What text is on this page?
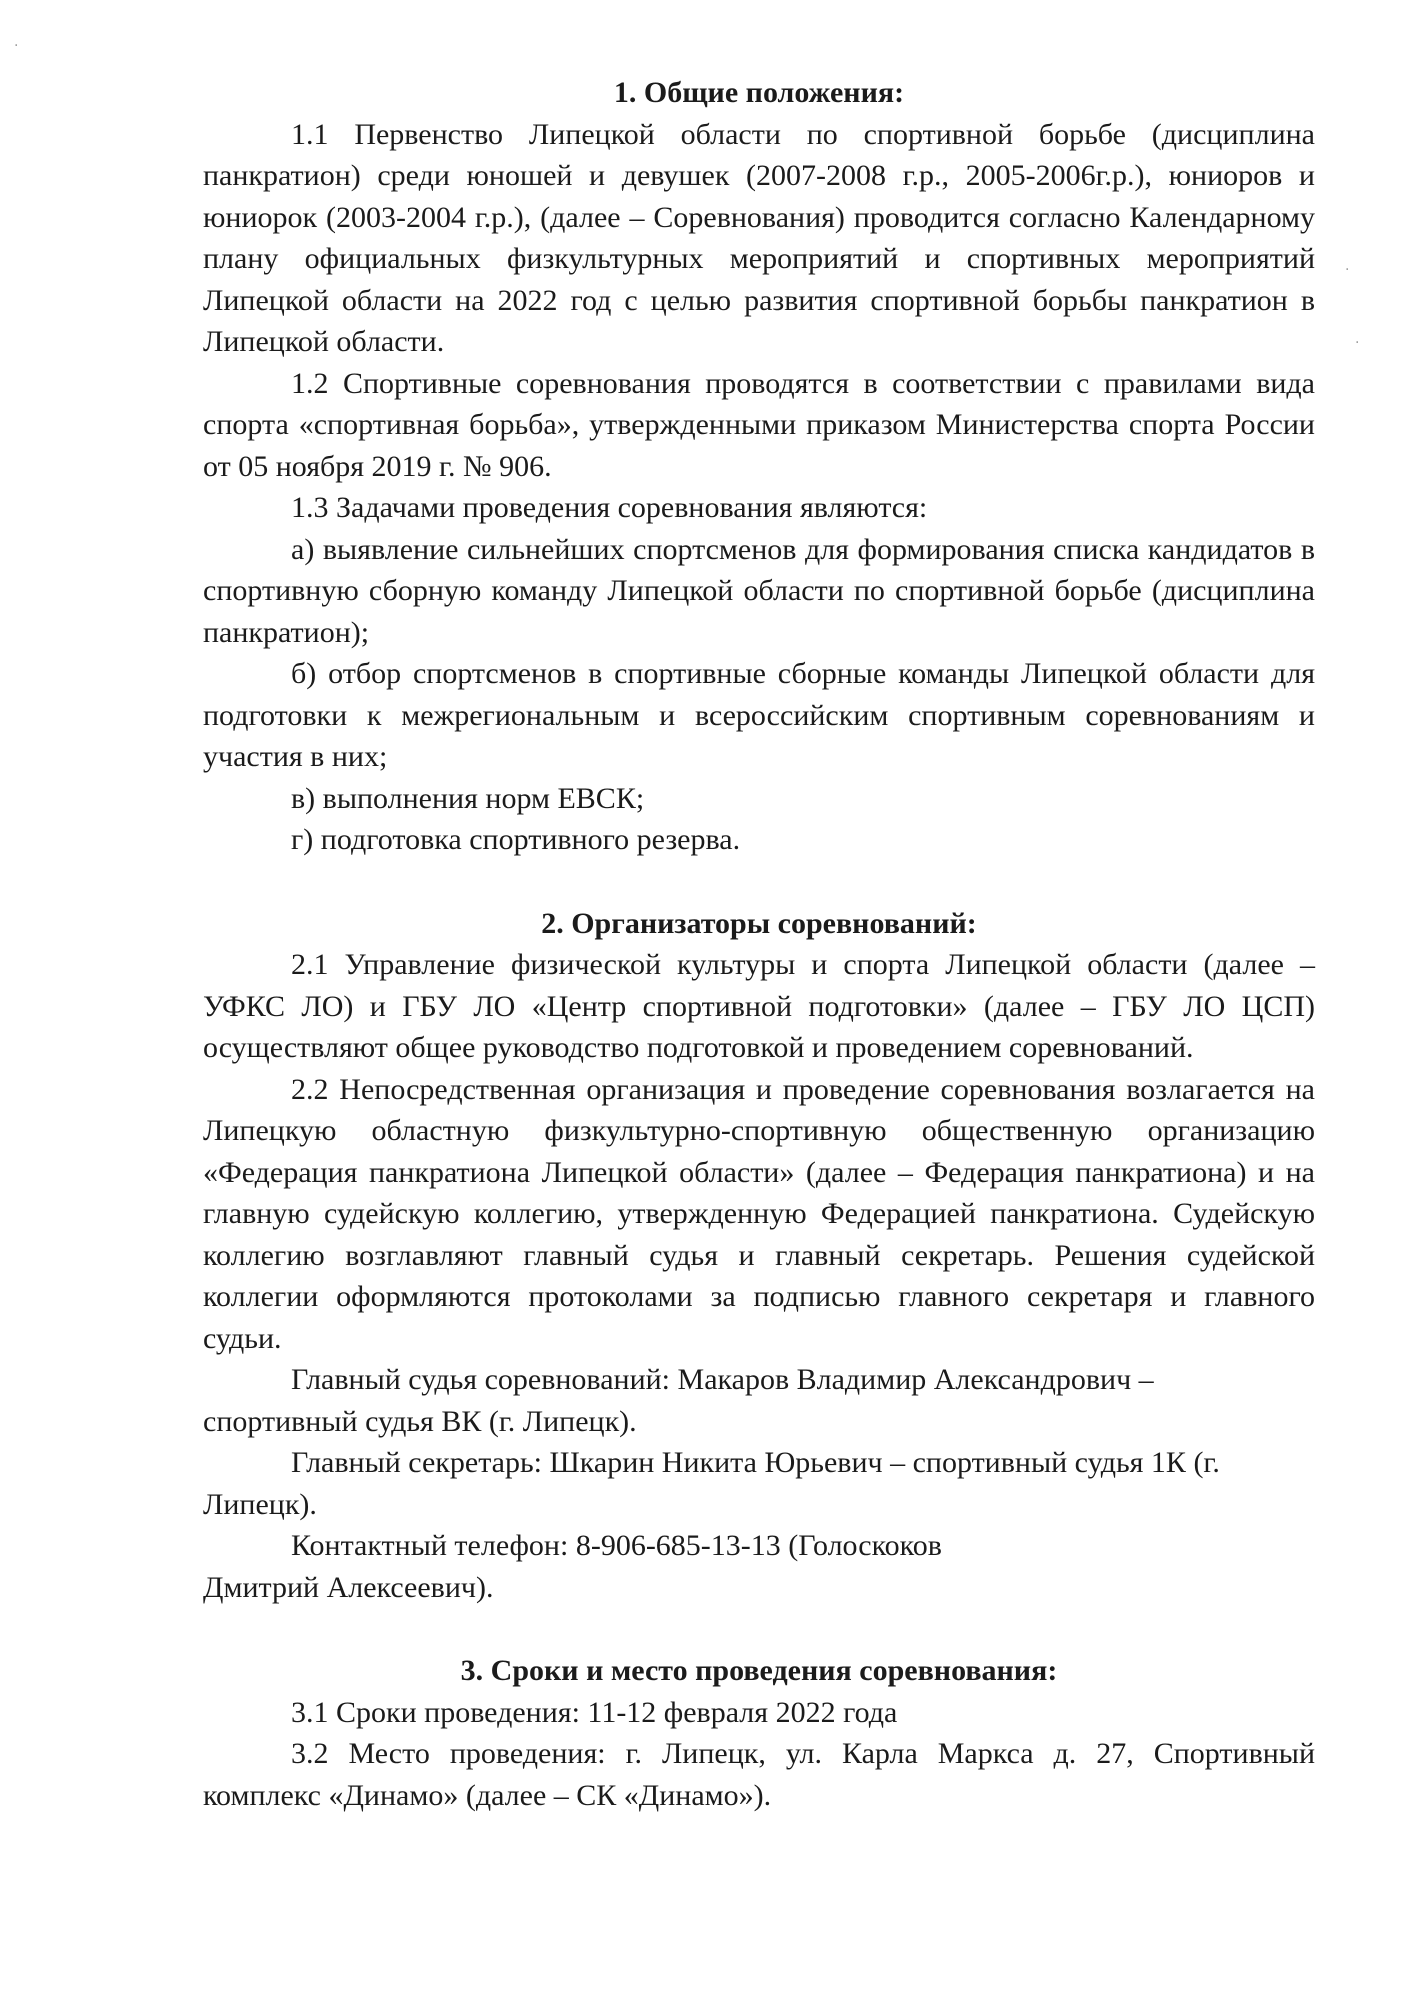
·
·
·
1. Общие положения:

1.1 Первенство Липецкой области по спортивной борьбе (дисциплина панкратион) среди юношей и девушек (2007-2008 г.р., 2005-2006г.р.), юниоров и юниорок (2003-2004 г.р.), (далее – Соревнования) проводится согласно Календарному плану официальных физкультурных мероприятий и спортивных мероприятий Липецкой области на 2022 год с целью развития спортивной борьбы панкратион в Липецкой области.

1.2 Спортивные соревнования проводятся в соответствии с правилами вида спорта «спортивная борьба», утвержденными приказом Министерства спорта России от 05 ноября 2019 г. № 906.

1.3 Задачами проведения соревнования являются:

а) выявление сильнейших спортсменов для формирования списка кандидатов в спортивную сборную команду Липецкой области по спортивной борьбе (дисциплина панкратион);

б) отбор спортсменов в спортивные сборные команды Липецкой области для подготовки к межрегиональным и всероссийским спортивным соревнованиям и участия в них;

в) выполнения норм ЕВСК;

г) подготовка спортивного резерва.

2. Организаторы соревнований:

2.1 Управление физической культуры и спорта Липецкой области (далее – УФКС ЛО) и ГБУ ЛО «Центр спортивной подготовки» (далее – ГБУ ЛО ЦСП) осуществляют общее руководство подготовкой и проведением соревнований.

2.2 Непосредственная организация и проведение соревнования возлагается на Липецкую областную физкультурно-спортивную общественную организацию «Федерация панкратиона Липецкой области» (далее – Федерация панкратиона) и на главную судейскую коллегию, утвержденную Федерацией панкратиона. Судейскую коллегию возглавляют главный судья и главный секретарь. Решения судейской коллегии оформляются протоколами за подписью главного секретаря и главного судьи.

Главный судья соревнований: Макаров Владимир Александрович – спортивный судья ВК (г. Липецк).

Главный секретарь: Шкарин Никита Юрьевич – спортивный судья 1К (г. Липецк).

Контактный телефон: 8-906-685-13-13 (Голоскоков

Дмитрий Алексеевич).

3. Сроки и место проведения соревнования:

3.1 Сроки проведения: 11-12 февраля 2022 года

3.2 Место проведения: г. Липецк, ул. Карла Маркса д. 27, Спортивный комплекс «Динамо» (далее – СК «Динамо»).
